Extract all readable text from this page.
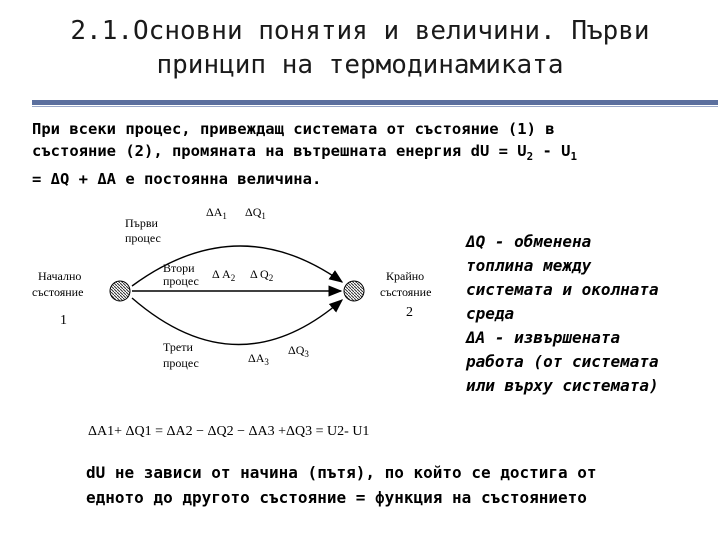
2.1.Основни понятия и величини. Първи
принцип на термодинамиката
При всеки процес, привеждащ системата от състояние (1) в
състояние (2), промяната на вътрешната енергия dU = $U_2 - U_1$
= ΔQ + ΔA е постоянна величина.
Начално
състояние
1
Крайно
състояние
2
Първи
процес
Втори
процес
Трети
процес
$\Delta A_1$ $\Delta Q_1$
Δ $A_2$ Δ $Q_2$
$\Delta A_3$
$\Delta Q_3$
ΔA1+ ΔQ1 = ΔA2 − ΔQ2 − ΔA3 +ΔQ3 = U2- U1
ΔQ - обменена
топлина между
системата и околната
среда
ΔA - извършената
работа (от системата
или върху системата)
dU не зависи от начина (пътя), по който се достига от
едното до другото състояние = функция на състоянието
